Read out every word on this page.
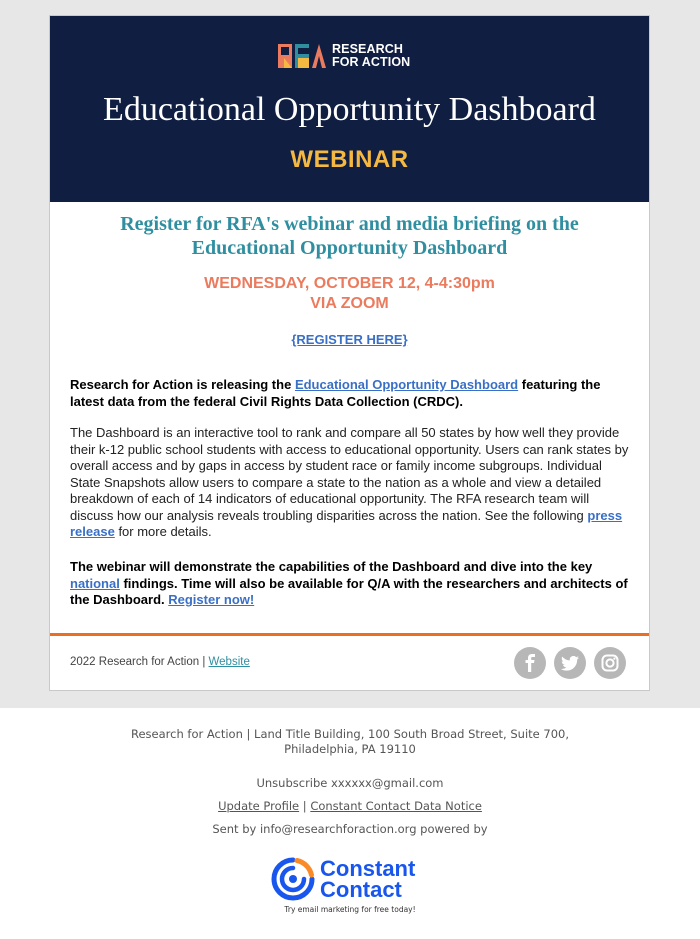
RESEARCH
FOR ACTION
Educational Opportunity Dashboard
WEBINAR
Register for RFA's webinar and media briefing on the Educational Opportunity Dashboard
WEDNESDAY, OCTOBER 12, 4-4:30pm
VIA ZOOM
{REGISTER HERE}
Research for Action is releasing the Educational Opportunity Dashboard featuring the latest data from the federal Civil Rights Data Collection (CRDC).
The Dashboard is an interactive tool to rank and compare all 50 states by how well they provide their k-12 public school students with access to educational opportunity. Users can rank states by overall access and by gaps in access by student race or family income subgroups. Individual State Snapshots allow users to compare a state to the nation as a whole and view a detailed breakdown of each of 14 indicators of educational opportunity. The RFA research team will discuss how our analysis reveals troubling disparities across the nation. See the following press release for more details.
The webinar will demonstrate the capabilities of the Dashboard and dive into the key national findings. Time will also be available for Q/A with the researchers and architects of the Dashboard. Register now!
2022 Research for Action | Website
Research for Action | Land Title Building, 100 South Broad Street, Suite 700,
Philadelphia, PA 19110
Unsubscribe xxxxxx@gmail.com
Update Profile | Constant Contact Data Notice
Sent by info@researchforaction.org powered by
Constant
Contact
Try email marketing for free today!
